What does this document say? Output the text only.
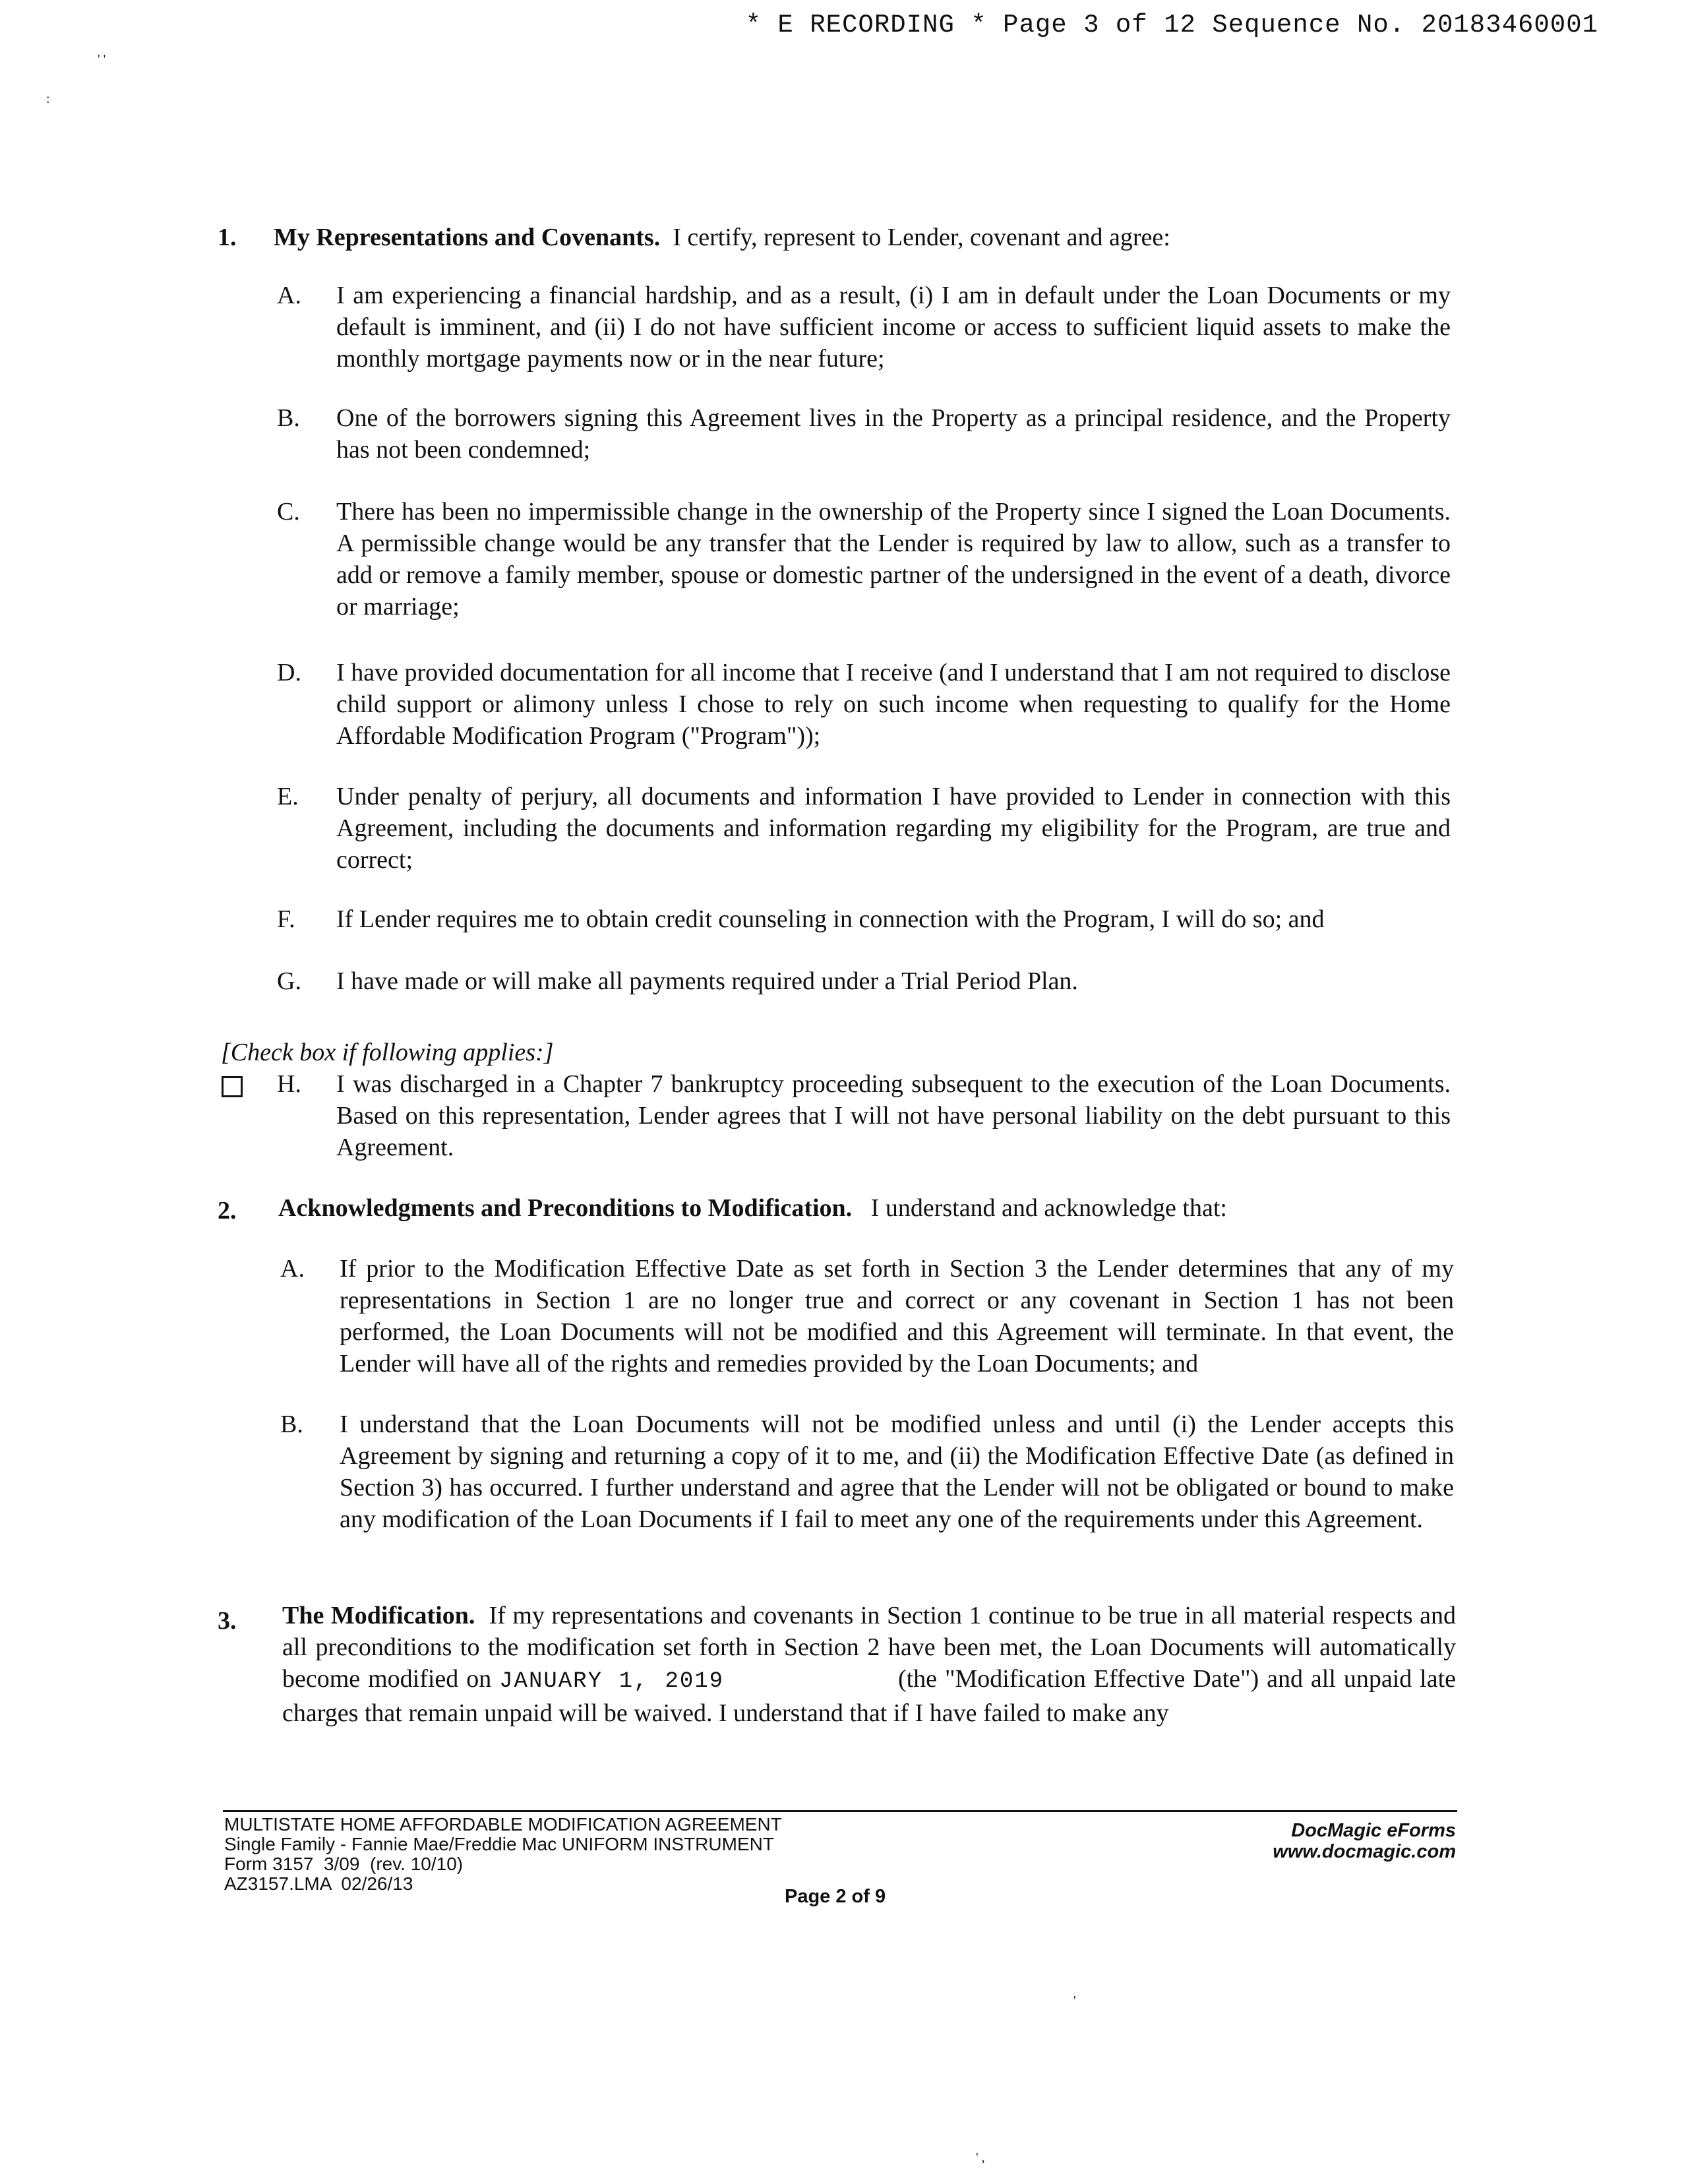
* E RECORDING * Page 3 of 12 Sequence No. 20183460001
' '
:
1. My Representations and Covenants. I certify, represent to Lender, covenant and agree:
A. I am experiencing a financial hardship, and as a result, (i) I am in default under the Loan Documents or my default is imminent, and (ii) I do not have sufficient income or access to sufficient liquid assets to make the monthly mortgage payments now or in the near future;
B. One of the borrowers signing this Agreement lives in the Property as a principal residence, and the Property has not been condemned;
C. There has been no impermissible change in the ownership of the Property since I signed the Loan Documents. A permissible change would be any transfer that the Lender is required by law to allow, such as a transfer to add or remove a family member, spouse or domestic partner of the undersigned in the event of a death, divorce or marriage;
D. I have provided documentation for all income that I receive (and I understand that I am not required to disclose child support or alimony unless I chose to rely on such income when requesting to qualify for the Home Affordable Modification Program ("Program"));
E. Under penalty of perjury, all documents and information I have provided to Lender in connection with this Agreement, including the documents and information regarding my eligibility for the Program, are true and correct;
F. If Lender requires me to obtain credit counseling in connection with the Program, I will do so; and
G. I have made or will make all payments required under a Trial Period Plan.
[Check box if following applies:]
H. I was discharged in a Chapter 7 bankruptcy proceeding subsequent to the execution of the Loan Documents. Based on this representation, Lender agrees that I will not have personal liability on the debt pursuant to this Agreement.
2. Acknowledgments and Preconditions to Modification. I understand and acknowledge that:
A. If prior to the Modification Effective Date as set forth in Section 3 the Lender determines that any of my representations in Section 1 are no longer true and correct or any covenant in Section 1 has not been performed, the Loan Documents will not be modified and this Agreement will terminate. In that event, the Lender will have all of the rights and remedies provided by the Loan Documents; and
B. I understand that the Loan Documents will not be modified unless and until (i) the Lender accepts this Agreement by signing and returning a copy of it to me, and (ii) the Modification Effective Date (as defined in Section 3) has occurred. I further understand and agree that the Lender will not be obligated or bound to make any modification of the Loan Documents if I fail to meet any one of the requirements under this Agreement.
3. The Modification. If my representations and covenants in Section 1 continue to be true in all material respects and all preconditions to the modification set forth in Section 2 have been met, the Loan Documents will automatically become modified on JANUARY 1, 2019	(the "Modification Effective Date") and all unpaid late charges that remain unpaid will be waived. I understand that if I have failed to make any
MULTISTATE HOME AFFORDABLE MODIFICATION AGREEMENT
Single Family - Fannie Mae/Freddie Mac UNIFORM INSTRUMENT
Form 3157  3/09  (rev. 10/10)
AZ3157.LMA  02/26/13
Page 2 of 9
DocMagic eForms
www.docmagic.com
'
' ,
